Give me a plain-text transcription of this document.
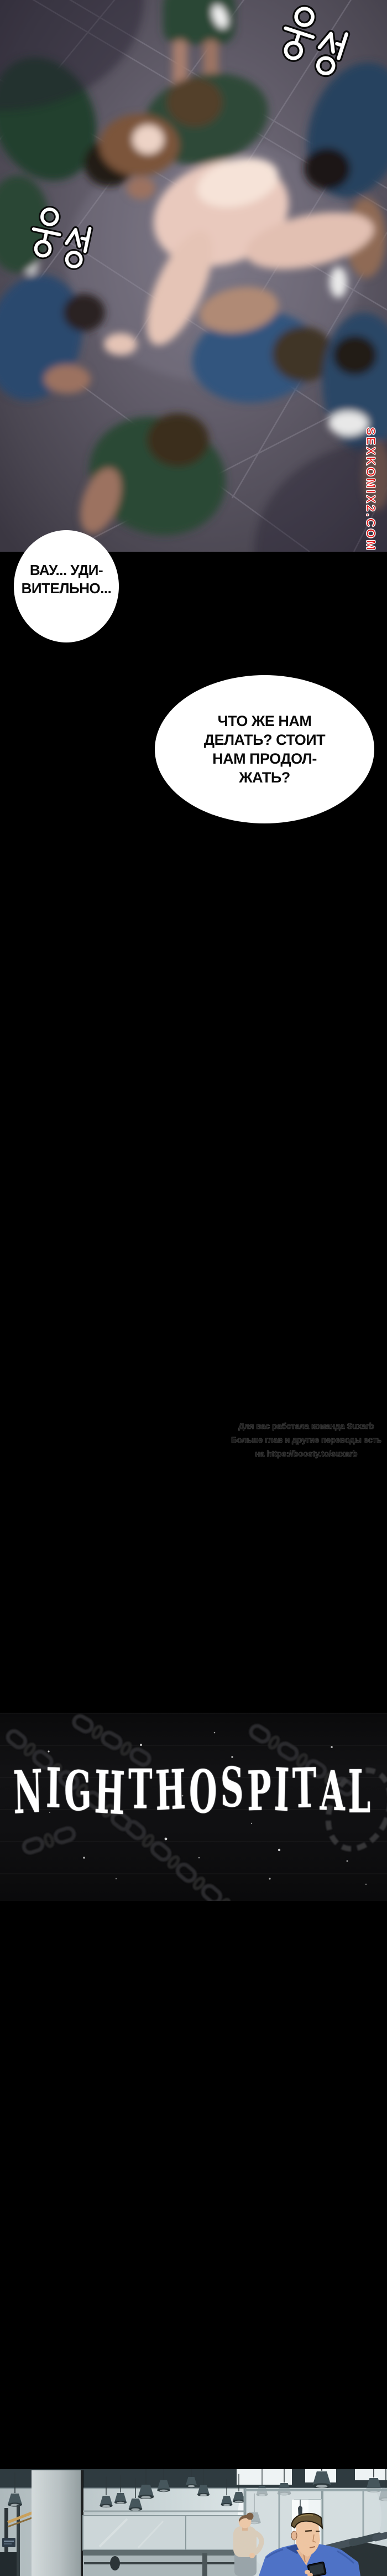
SEXKOMIX2.COM
ВАУ... УДИ-
ВИТЕЛЬНО...
ЧТО ЖЕ НАМ
ДЕЛАТЬ? СТОИТ
НАМ ПРОДОЛ-
ЖАТЬ?
Для вас работала команда Suxarb
Больше глав и другие переводы есть
на https://boosty.to/suxarb
NIGHTHOSPITAL
